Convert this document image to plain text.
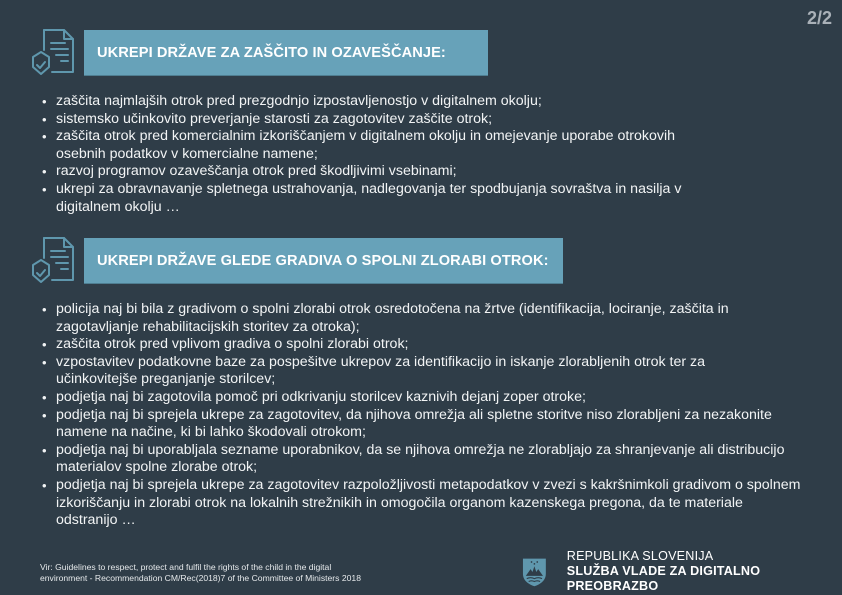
2/2
UKREPI DRŽAVE ZA ZAŠČITO IN OZAVEŠČANJE:
• zaščita najmlajših otrok pred prezgodnjo izpostavljenostjo v digitalnem okolju;
• sistemsko učinkovito preverjanje starosti za zagotovitev zaščite otrok;
• zaščita otrok pred komercialnim izkoriščanjem v digitalnem okolju in omejevanje uporabe otrokovih osebnih podatkov v komercialne namene;
• razvoj programov ozaveščanja otrok pred škodljivimi vsebinami;
• ukrepi za obravnavanje spletnega ustrahovanja, nadlegovanja ter spodbujanja sovraštva in nasilja v digitalnem okolju …
UKREPI DRŽAVE GLEDE GRADIVA O SPOLNI ZLORABI OTROK:
• policija naj bi bila z gradivom o spolni zlorabi otrok osredotočena na žrtve (identifikacija, lociranje, zaščita in zagotavljanje rehabilitacijskih storitev za otroka);
• zaščita otrok pred vplivom gradiva o spolni zlorabi otrok;
• vzpostavitev podatkovne baze za pospešitve ukrepov za identifikacijo in iskanje zlorabljenih otrok ter za učinkovitejše preganjanje storilcev;
• podjetja naj bi zagotovila pomoč pri odkrivanju storilcev kaznivih dejanj zoper otroke;
• podjetja naj bi sprejela ukrepe za zagotovitev, da njihova omrežja ali spletne storitve niso zlorabljeni za nezakonite namene na načine, ki bi lahko škodovali otrokom;
• podjetja naj bi uporabljala sezname uporabnikov, da se njihova omrežja ne zlorabljajo za shranjevanje ali distribucijo materialov spolne zlorabe otrok;
• podjetja naj bi sprejela ukrepe za zagotovitev razpoložljivosti metapodatkov v zvezi s kakršnimkoli gradivom o spolnem izkoriščanju in zlorabi otrok na lokalnih strežnikih in omogočila organom kazenskega pregona, da te materiale odstranijo …
Vir: Guidelines to respect, protect and fulfil the rights of the child in the digital
environment - Recommendation CM/Rec(2018)7 of the Committee of Ministers 2018
REPUBLIKA SLOVENIJA
SLUŽBA VLADE ZA DIGITALNO PREOBRAZBO
